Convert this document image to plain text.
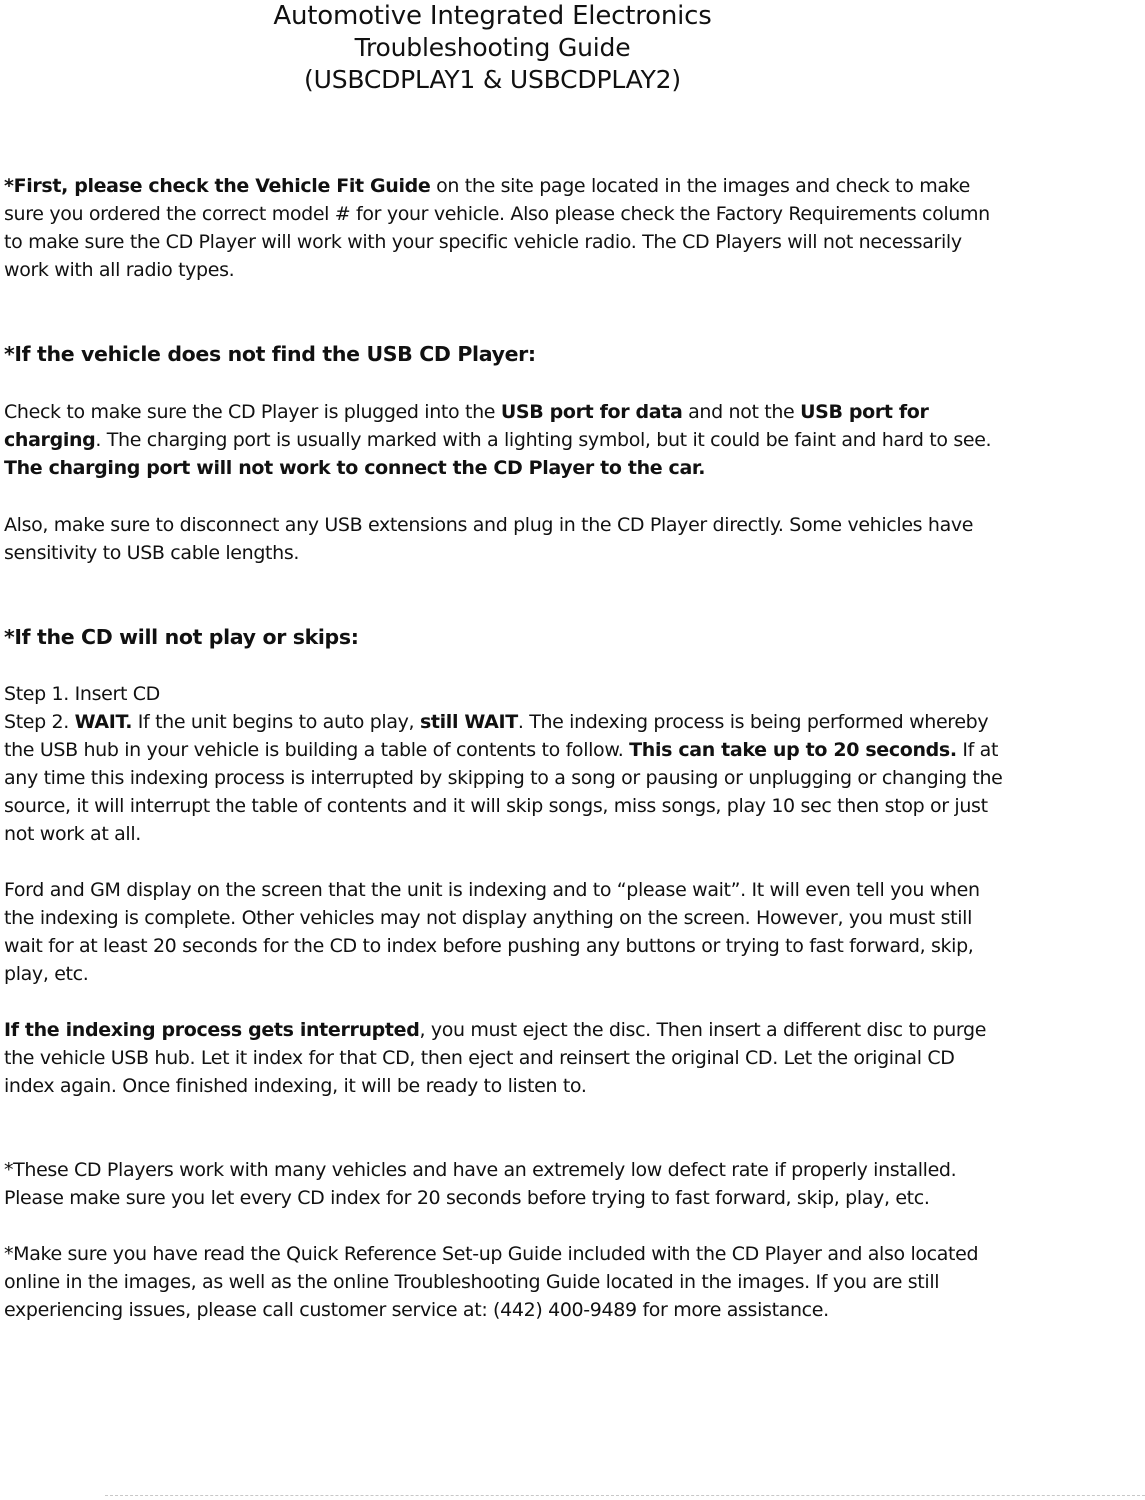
Automotive Integrated Electronics
Troubleshooting Guide
(USBCDPLAY1 & USBCDPLAY2)
*First, please check the Vehicle Fit Guide on the site page located in the images and check to make sure you ordered the correct model # for your vehicle. Also please check the Factory Requirements column to make sure the CD Player will work with your specific vehicle radio. The CD Players will not necessarily work with all radio types.
*If the vehicle does not find the USB CD Player:
Check to make sure the CD Player is plugged into the USB port for data and not the USB port for charging. The charging port is usually marked with a lighting symbol, but it could be faint and hard to see. The charging port will not work to connect the CD Player to the car.
Also, make sure to disconnect any USB extensions and plug in the CD Player directly. Some vehicles have sensitivity to USB cable lengths.
*If the CD will not play or skips:
Step 1. Insert CD
Step 2. WAIT. If the unit begins to auto play, still WAIT. The indexing process is being performed whereby the USB hub in your vehicle is building a table of contents to follow. This can take up to 20 seconds. If at any time this indexing process is interrupted by skipping to a song or pausing or unplugging or changing the source, it will interrupt the table of contents and it will skip songs, miss songs, play 10 sec then stop or just not work at all.
Ford and GM display on the screen that the unit is indexing and to “please wait”. It will even tell you when the indexing is complete. Other vehicles may not display anything on the screen. However, you must still wait for at least 20 seconds for the CD to index before pushing any buttons or trying to fast forward, skip, play, etc.
If the indexing process gets interrupted, you must eject the disc. Then insert a different disc to purge the vehicle USB hub. Let it index for that CD, then eject and reinsert the original CD. Let the original CD index again. Once finished indexing, it will be ready to listen to.
*These CD Players work with many vehicles and have an extremely low defect rate if properly installed. Please make sure you let every CD index for 20 seconds before trying to fast forward, skip, play, etc.
*Make sure you have read the Quick Reference Set-up Guide included with the CD Player and also located online in the images, as well as the online Troubleshooting Guide located in the images. If you are still experiencing issues, please call customer service at: (442) 400-9489 for more assistance.
